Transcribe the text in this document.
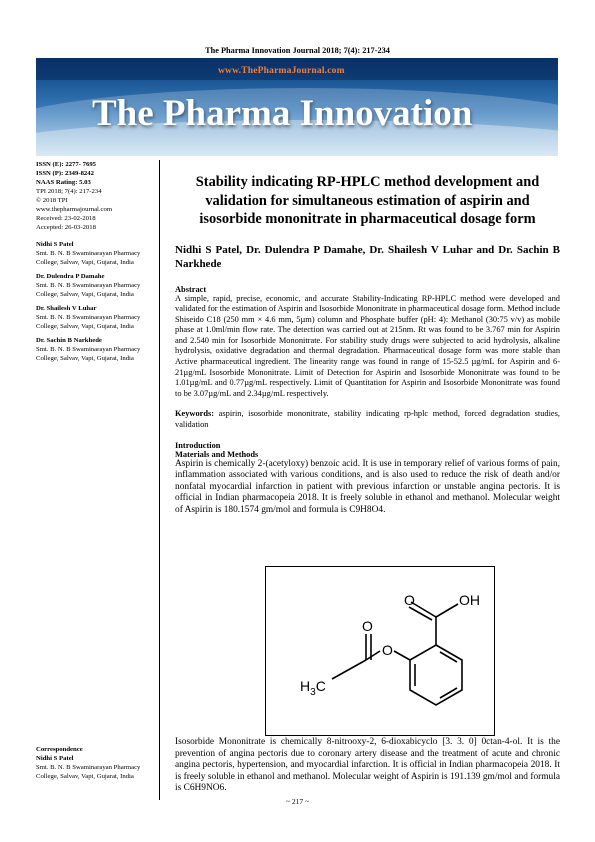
The Pharma Innovation Journal 2018; 7(4): 217-234
www.ThePharmaJournal.com
The Pharma Innovation
ISSN (E): 2277- 7695
ISSN (P): 2349-8242
NAAS Rating: 5.03
TPI 2018; 7(4): 217-234
© 2018 TPI
www.thepharmajournal.com
Received: 23-02-2018
Accepted: 26-03-2018
Nidhi S Patel
Smt. B. N. B Swaminarayan Pharmacy College, Salvav, Vapi, Gujarat, India
Dr. Dulendra P Damahe
Smt. B. N. B Swaminarayan Pharmacy College, Salvav, Vapi, Gujarat, India
Dr. Shailesh V Luhar
Smt. B. N. B Swaminarayan Pharmacy College, Salvav, Vapi, Gujarat, India
Dr. Sachin B Narkhede
Smt. B. N. B Swaminarayan Pharmacy College, Salvav, Vapi, Gujarat, India
Correspondence
Nidhi S Patel
Smt. B. N. B Swaminarayan Pharmacy College, Salvav, Vapi, Gujarat, India
Stability indicating RP-HPLC method development and validation for simultaneous estimation of aspirin and isosorbide mononitrate in pharmaceutical dosage form
Nidhi S Patel, Dr. Dulendra P Damahe, Dr. Shailesh V Luhar and Dr. Sachin B Narkhede
Abstract
A simple, rapid, precise, economic, and accurate Stability-Indicating RP-HPLC method were developed and validated for the estimation of Aspirin and Isosorbide Mononitrate in pharmaceutical dosage form. Method include Shiseido C18 (250 mm × 4.6 mm, 5µm) column and Phosphate buffer (pH: 4): Methanol (30:75 v/v) as mobile phase at 1.0ml/min flow rate. The detection was carried out at 215nm. Rt was found to be 3.767 min for Aspirin and 2.540 min for Isosorbide Mononitrate. For stability study drugs were subjected to acid hydrolysis, alkaline hydrolysis, oxidative degradation and thermal degradation. Pharmaceutical dosage form was more stable than Active pharmaceutical ingredient. The linearity range was found in range of 15-52.5 µg/mL for Aspirin and 6-21µg/mL Isosorbide Mononitrate. Limit of Detection for Aspirin and Isosorbide Mononitrate was found to be 1.01µg/mL and 0.77µg/mL respectively. Limit of Quantitation for Aspirin and Isosorbide Mononitrate was found to be 3.07µg/mL and 2.34µg/mL respectively.
Keywords: aspirin, isosorbide mononitrate, stability indicating rp-hplc method, forced degradation studies, validation
Introduction
Materials and Methods
Aspirin is chemically 2-(acetyloxy) benzoic acid. It is use in temporary relief of various forms of pain, inflammation associated with various conditions, and is also used to reduce the risk of death and/or nonfatal myocardial infarction in patient with previous infarction or unstable angina pectoris. It is official in Indian pharmacopeia 2018. It is freely soluble in ethanol and methanol. Molecular weight of Aspirin is 180.1574 gm/mol and formula is C9H8O4.
O	OH
O
O
$H_3C$
Isosorbide Mononitrate is chemically 8-nitrooxy-2, 6-dioxabicyclo [3. 3. 0] 0ctan-4-ol. It is the prevention of angina pectoris due to coronary artery disease and the treatment of acute and chronic angina pectoris, hypertension, and myocardial infarction. It is official in Indian pharmacopeia 2018. It is freely soluble in ethanol and methanol. Molecular weight of Aspirin is 191.139 gm/mol and formula is C6H9NO6.
~ 217 ~
